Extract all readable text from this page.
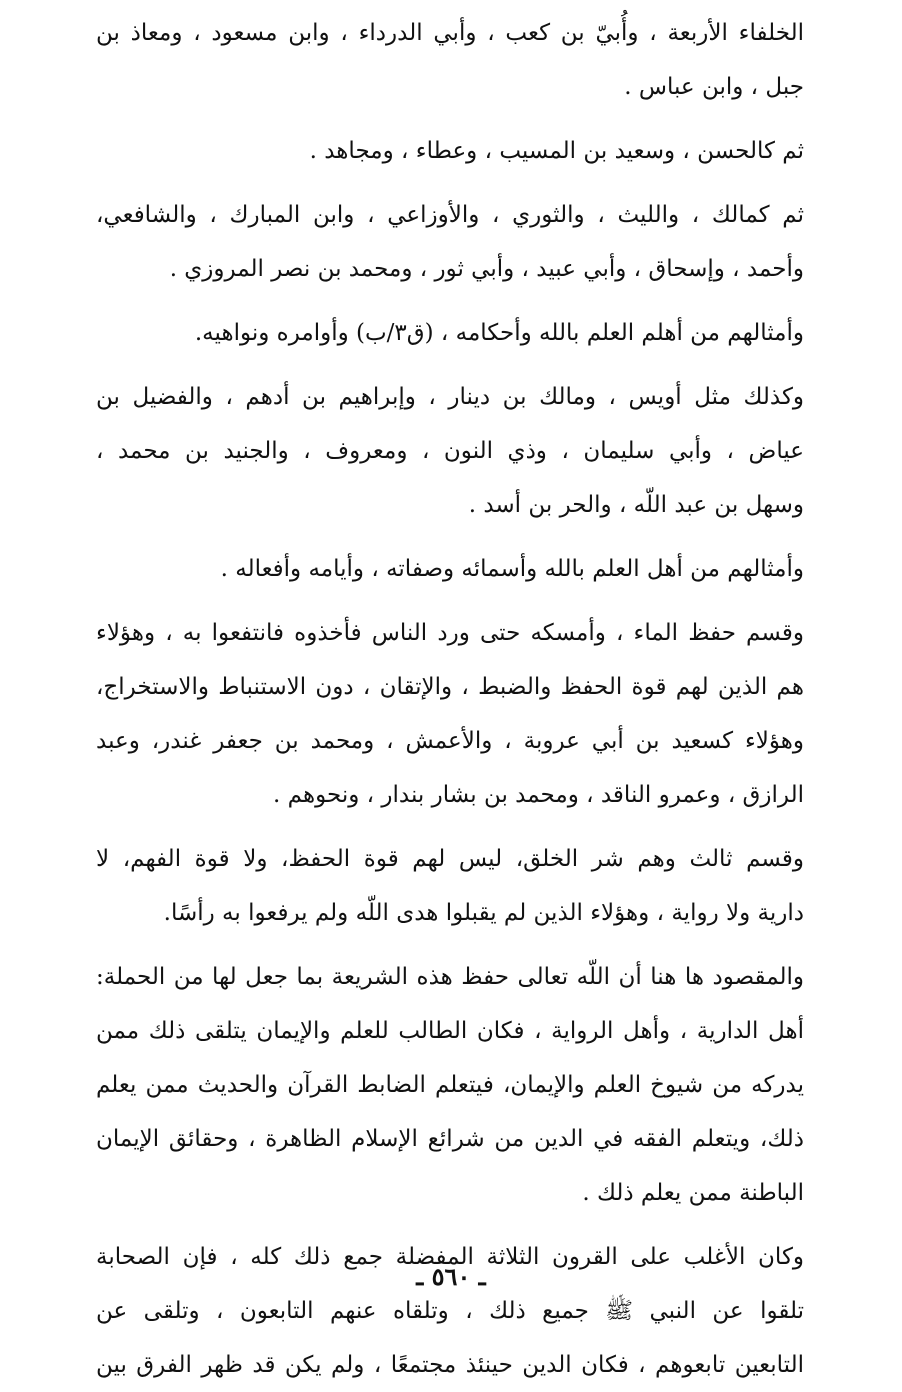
الخلفاء الأربعة ، وأُبيّ بن كعب ، وأبي الدرداء ، وابن مسعود ، ومعاذ بن
جبل ، وابن عباس .
ثم كالحسن ، وسعيد بن المسيب ، وعطاء ، ومجاهد .
ثم كمالك ، والليث ، والثوري ، والأوزاعي ، وابن المبارك ، والشافعي،
وأحمد ، وإسحاق ، وأبي عبيد ، وأبي ثور ، ومحمد بن نصر المروزي .
وأمثالهم من أهلم العلم بالله وأحكامه ، (ق٣/ب) وأوامره ونواهيه.
وكذلك مثل أويس ، ومالك بن دينار ، وإبراهيم بن أدهم ، والفضيل بن
عياض ، وأبي سليمان ، وذي النون ، ومعروف ، والجنيد بن محمد ،
وسهل بن عبد اللّه ، والحر بن أسد .
وأمثالهم من أهل العلم بالله وأسمائه وصفاته ، وأيامه وأفعاله .
وقسم حفظ الماء ، وأمسكه حتى ورد الناس فأخذوه فانتفعوا به ، وهؤلاء
هم الذين لهم قوة الحفظ والضبط ، والإتقان ، دون الاستنباط والاستخراج،
وهؤلاء كسعيد بن أبي عروبة ، والأعمش ، ومحمد بن جعفر غندر، وعبد
الرازق ، وعمرو الناقد ، ومحمد بن بشار بندار ، ونحوهم .
وقسم ثالث وهم شر الخلق، ليس لهم قوة الحفظ، ولا قوة الفهم، لا
دارية ولا رواية ، وهؤلاء الذين لم يقبلوا هدى اللّه ولم يرفعوا به رأسًا.
والمقصود ها هنا أن اللّه تعالى حفظ هذه الشريعة بما جعل لها من الحملة:
أهل الدارية ، وأهل الرواية ، فكان الطالب للعلم والإيمان يتلقى ذلك ممن
يدركه من شيوخ العلم والإيمان، فيتعلم الضابط القرآن والحديث ممن يعلم
ذلك، ويتعلم الفقه في الدين من شرائع الإسلام الظاهرة ، وحقائق الإيمان
الباطنة ممن يعلم ذلك .
وكان الأغلب على القرون الثلاثة المفضلة جمع ذلك كله ، فإن الصحابة
تلقوا عن النبي ﷺ جميع ذلك ، وتلقاه عنهم التابعون ، وتلقى عن
التابعين تابعوهم ، فكان الدين حينئذ مجتمعًا ، ولم يكن قد ظهر الفرق بين
ـ ٥٦٠ ـ
